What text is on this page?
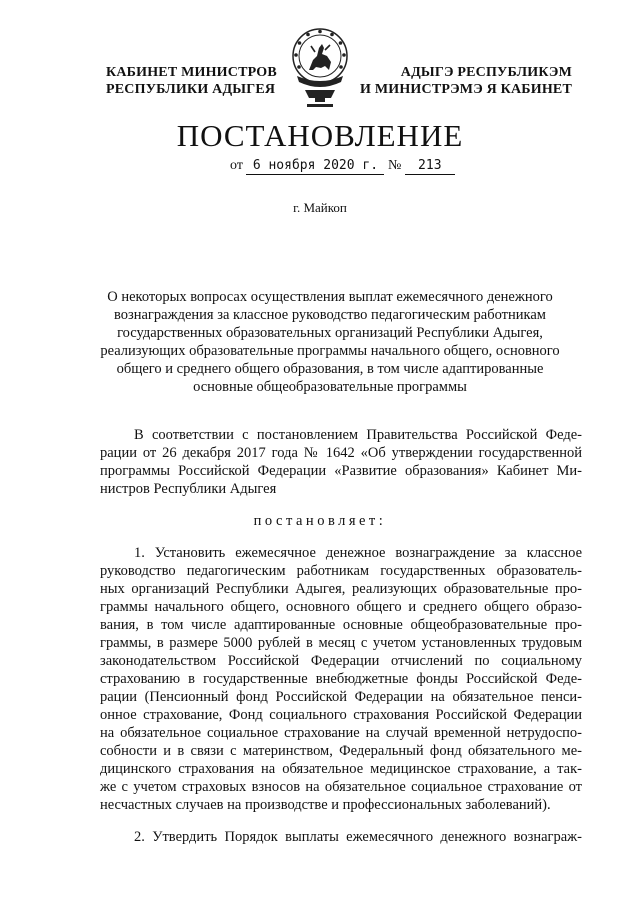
КАБИНЕТ МИНИСТРОВ
РЕСПУБЛИКИ АДЫГЕЯ
АДЫГЭ РЕСПУБЛИКЭМ
И МИНИСТРЭМЭ Я КАБИНЕТ
ПОСТАНОВЛЕНИЕ
от 6 ноября 2020 г. № 213
г. Майкоп
О некоторых вопросах осуществления выплат ежемесячного денежного
вознаграждения за классное руководство педагогическим работникам
государственных образовательных организаций Республики Адыгея,
реализующих образовательные программы начального общего, основного
общего и среднего общего образования, в том числе адаптированные
основные общеобразовательные программы
В соответствии с постановлением Правительства Российской Феде-
рации от 26 декабря 2017 года № 1642 «Об утверждении государственной
программы Российской Федерации «Развитие образования» Кабинет Ми-
нистров Республики Адыгея
постановляет:
1. Установить ежемесячное денежное вознаграждение за классное
руководство педагогическим работникам государственных образователь-
ных организаций Республики Адыгея, реализующих образовательные про-
граммы начального общего, основного общего и среднего общего образо-
вания, в том числе адаптированные основные общеобразовательные про-
граммы, в размере 5000 рублей в месяц с учетом установленных трудовым
законодательством Российской Федерации отчислений по социальному
страхованию в государственные внебюджетные фонды Российской Феде-
рации (Пенсионный фонд Российской Федерации на обязательное пенси-
онное страхование, Фонд социального страхования Российской Федерации
на обязательное социальное страхование на случай временной нетрудоспо-
собности и в связи с материнством, Федеральный фонд обязательного ме-
дицинского страхования на обязательное медицинское страхование, а так-
же с учетом страховых взносов на обязательное социальное страхование от
несчастных случаев на производстве и профессиональных заболеваний).
2. Утвердить Порядок выплаты ежемесячного денежного вознаграж-
